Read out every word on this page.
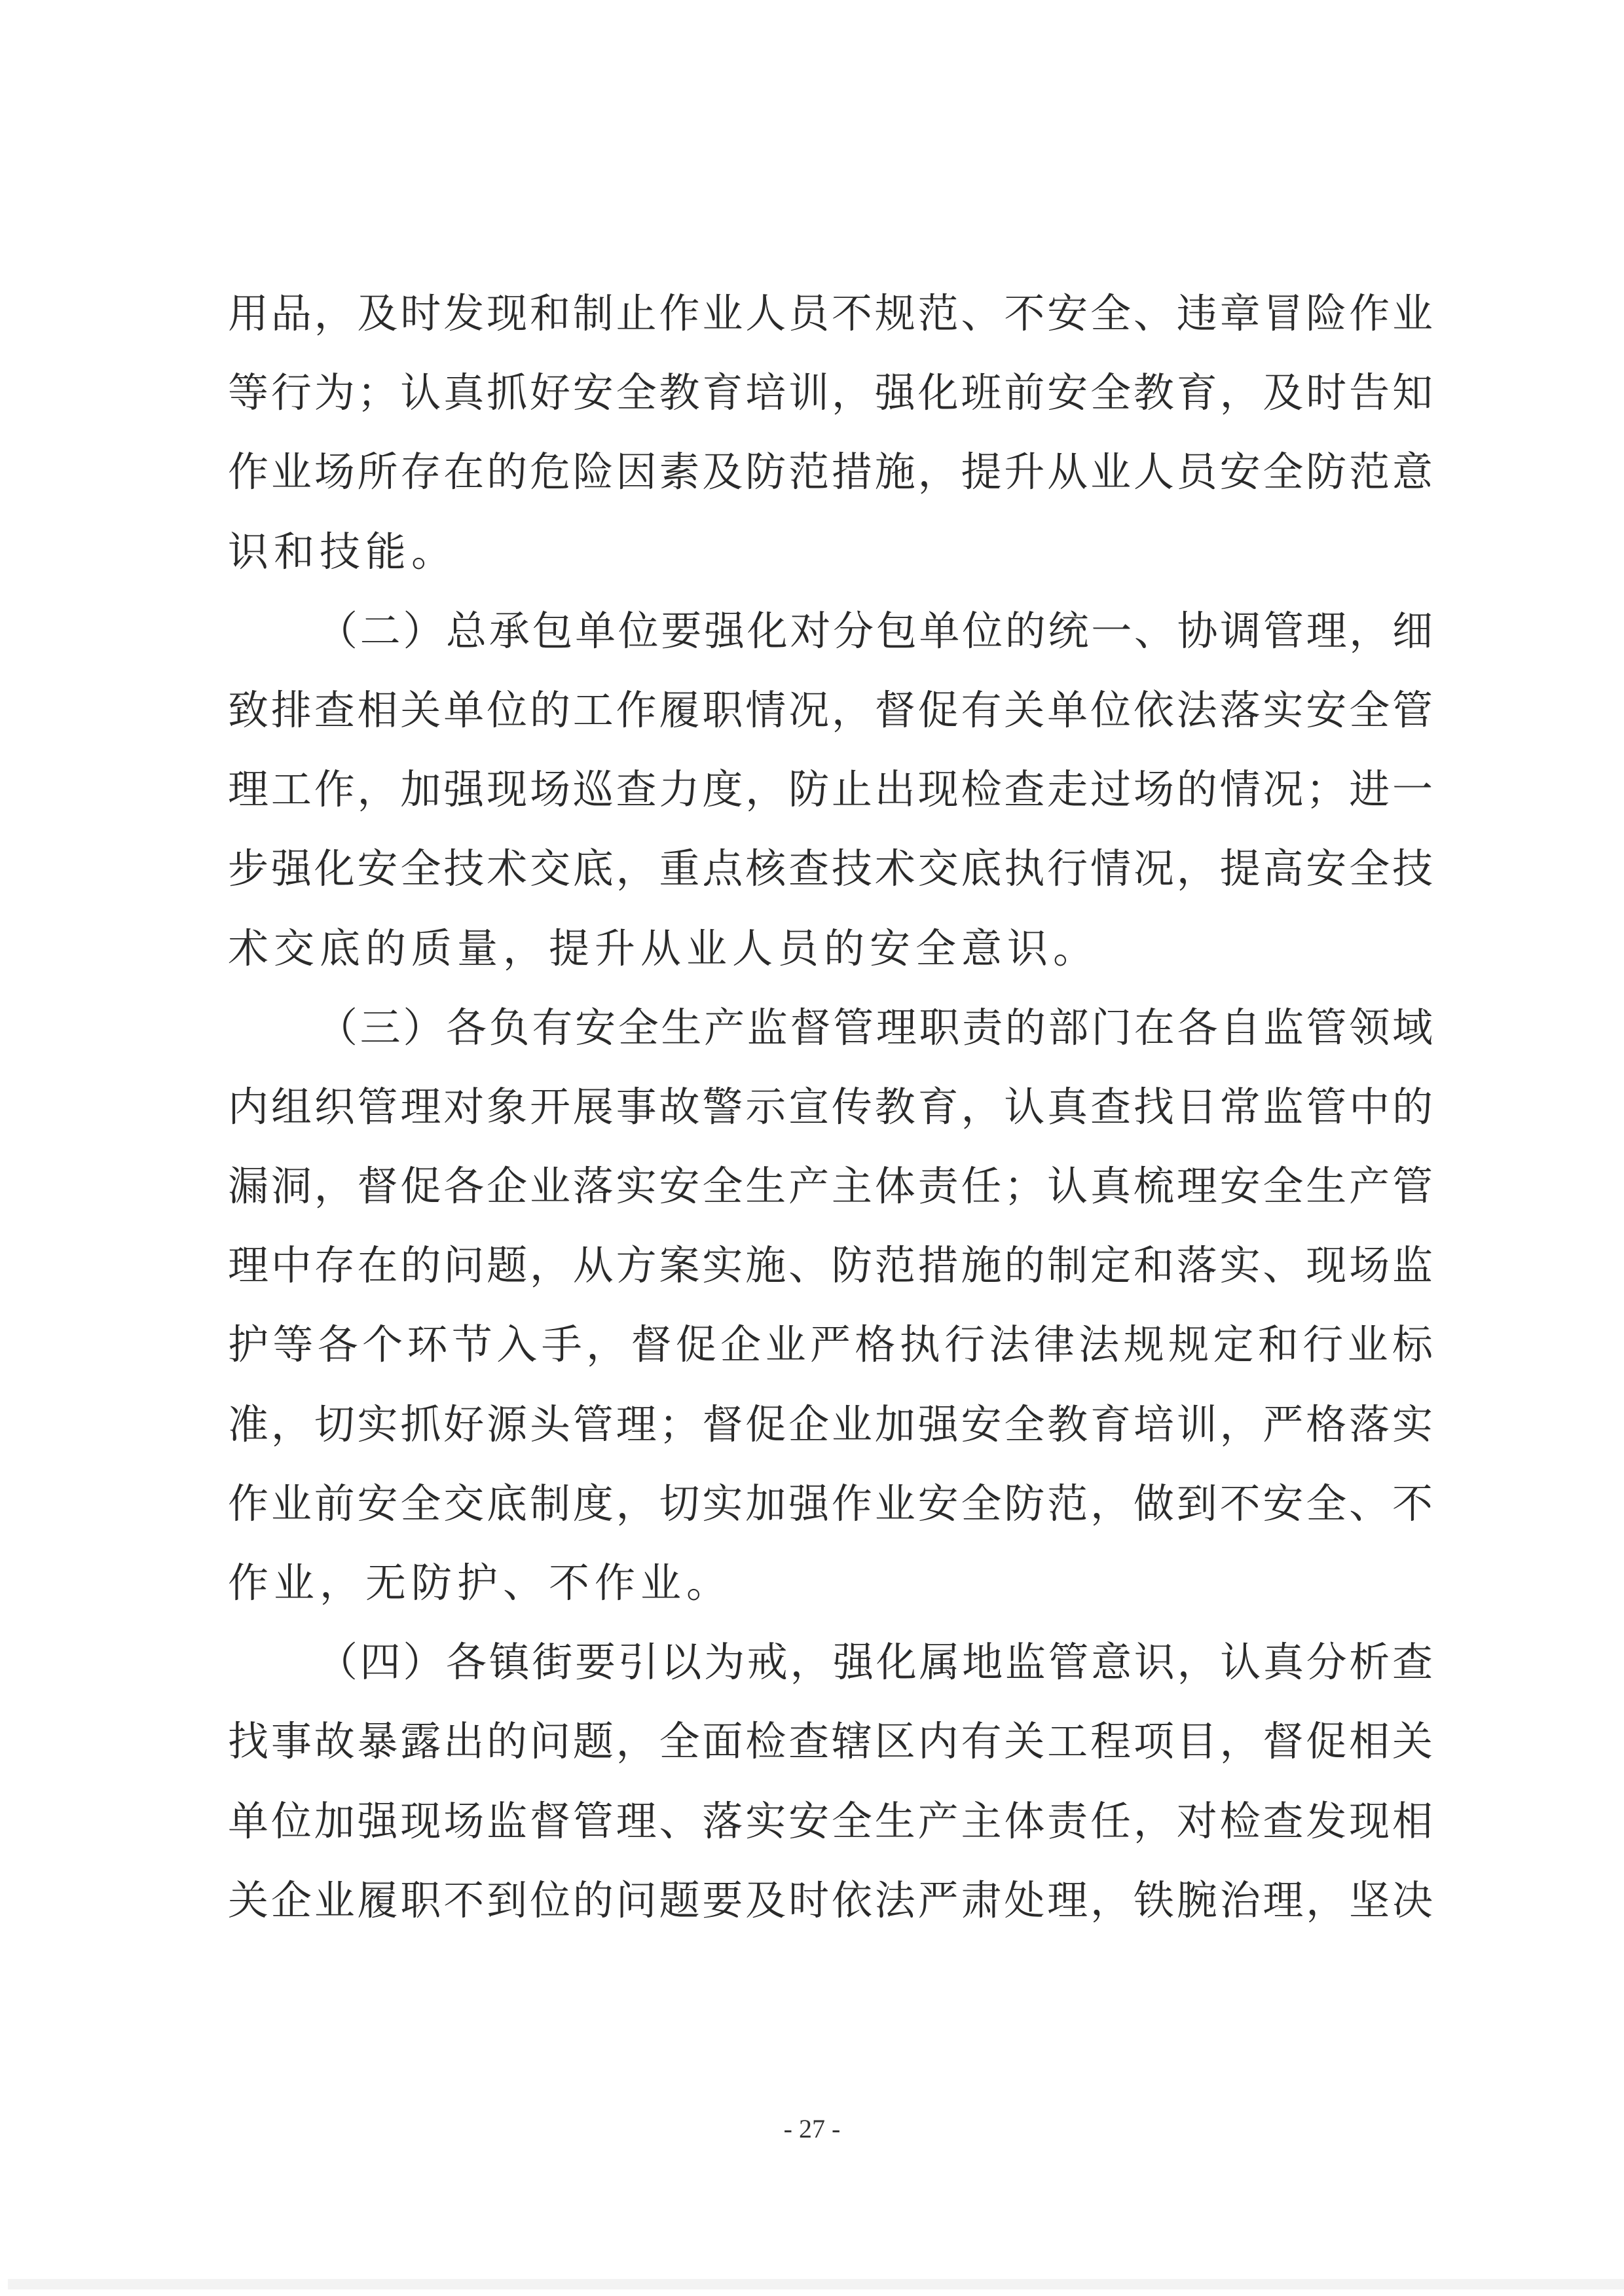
用品，及时发现和制止作业人员不规范、不安全、违章冒险作业
等行为；认真抓好安全教育培训，强化班前安全教育，及时告知
作业场所存在的危险因素及防范措施，提升从业人员安全防范意
识和技能。
（二）总承包单位要强化对分包单位的统一、协调管理，细
致排查相关单位的工作履职情况，督促有关单位依法落实安全管
理工作，加强现场巡查力度，防止出现检查走过场的情况；进一
步强化安全技术交底，重点核查技术交底执行情况，提高安全技
术交底的质量，提升从业人员的安全意识。
（三）各负有安全生产监督管理职责的部门在各自监管领域
内组织管理对象开展事故警示宣传教育，认真查找日常监管中的
漏洞，督促各企业落实安全生产主体责任；认真梳理安全生产管
理中存在的问题，从方案实施、防范措施的制定和落实、现场监
护等各个环节入手，督促企业严格执行法律法规规定和行业标
准，切实抓好源头管理；督促企业加强安全教育培训，严格落实
作业前安全交底制度，切实加强作业安全防范，做到不安全、不
作业，无防护、不作业。
（四）各镇街要引以为戒，强化属地监管意识，认真分析查
找事故暴露出的问题，全面检查辖区内有关工程项目，督促相关
单位加强现场监督管理、落实安全生产主体责任，对检查发现相
关企业履职不到位的问题要及时依法严肃处理，铁腕治理，坚决
- 27 -
